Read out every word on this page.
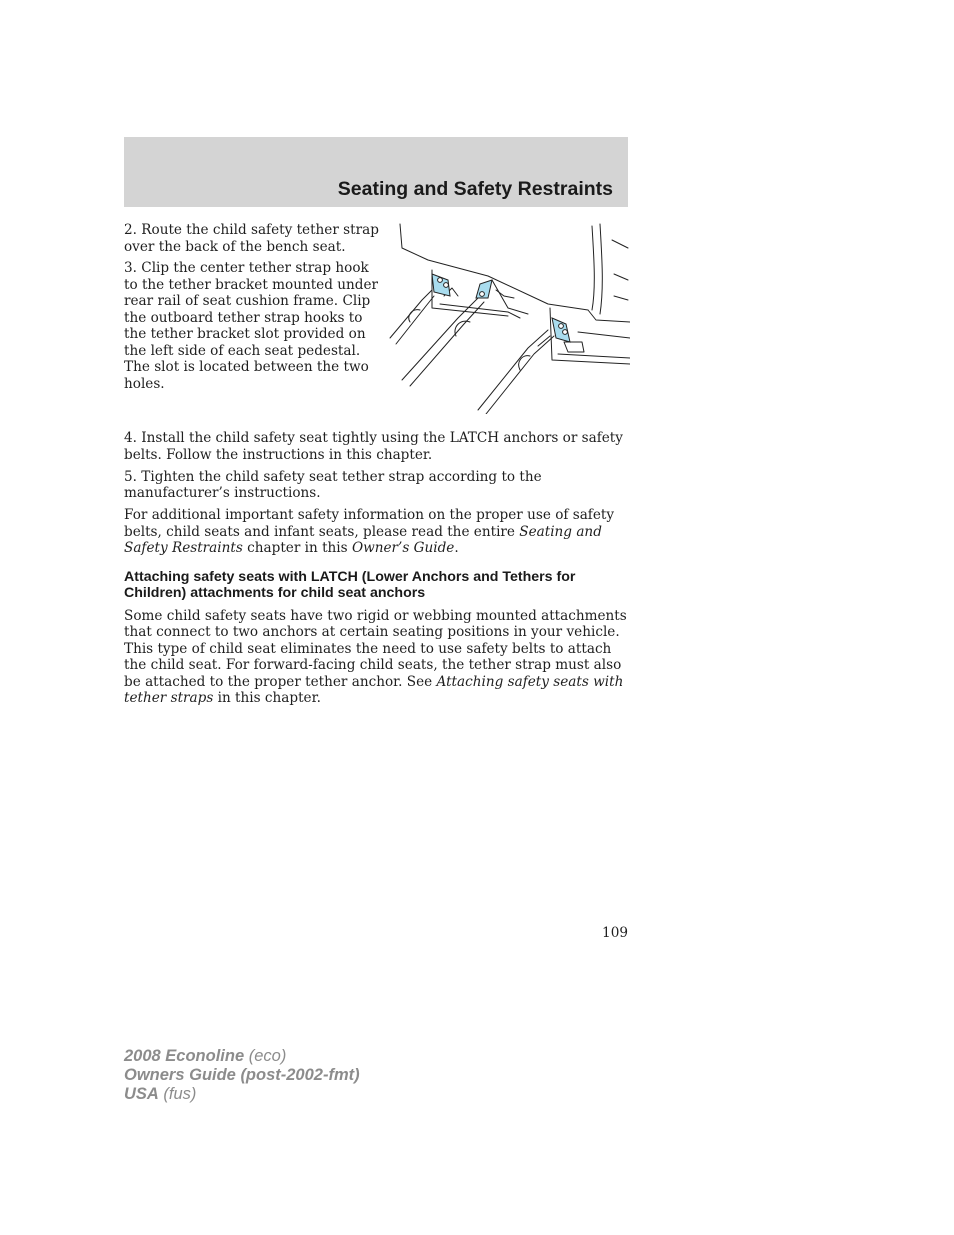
Seating and Safety Restraints

2. Route the child safety tether strap over the back of the bench seat.

3. Clip the center tether strap hook to the tether bracket mounted under rear rail of seat cushion frame. Clip the outboard tether strap hooks to the tether bracket slot provided on the left side of each seat pedestal. The slot is located between the two holes.

4. Install the child safety seat tightly using the LATCH anchors or safety belts. Follow the instructions in this chapter.

5. Tighten the child safety seat tether strap according to the manufacturer’s instructions.

For additional important safety information on the proper use of safety belts, child seats and infant seats, please read the entire Seating and Safety Restraints chapter in this Owner’s Guide.

Attaching safety seats with LATCH (Lower Anchors and Tethers for Children) attachments for child seat anchors

Some child safety seats have two rigid or webbing mounted attachments that connect to two anchors at certain seating positions in your vehicle. This type of child seat eliminates the need to use safety belts to attach the child seat. For forward-facing child seats, the tether strap must also be attached to the proper tether anchor. See Attaching safety seats with tether straps in this chapter.

109

2008 Econoline (eco)
Owners Guide (post-2002-fmt)
USA (fus)
